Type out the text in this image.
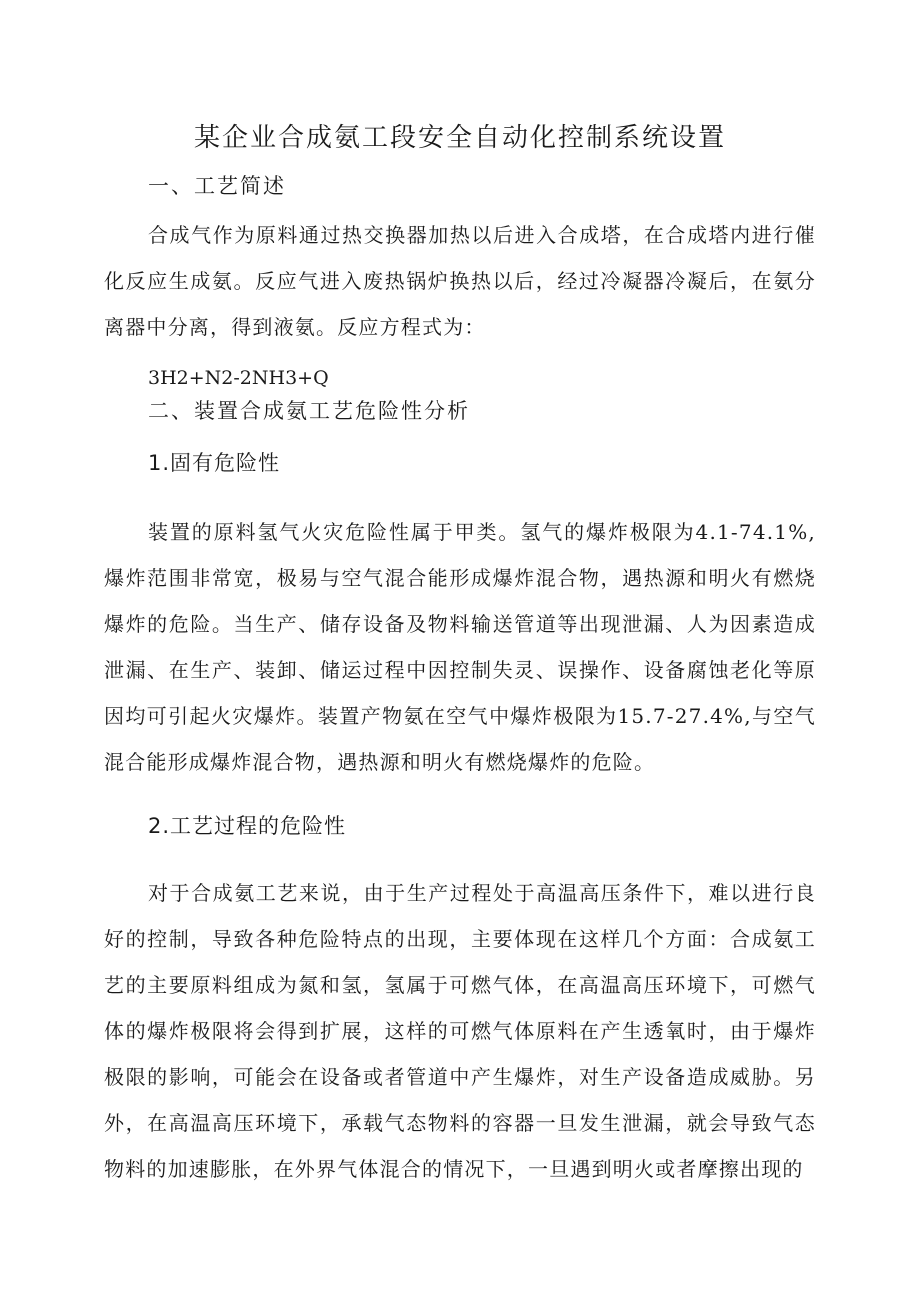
某企业合成氨工段安全自动化控制系统设置
一、工艺简述

合成气作为原料通过热交换器加热以后进入合成塔，在合成塔内进行催化反应生成氨。反应气进入废热锅炉换热以后，经过冷凝器冷凝后，在氨分离器中分离，得到液氨。反应方程式为：

3H2+N2-2NH3+Q
二、装置合成氨工艺危险性分析
1.固有危险性

装置的原料氢气火灾危险性属于甲类。氢气的爆炸极限为4.1-74.1%,爆炸范围非常宽，极易与空气混合能形成爆炸混合物，遇热源和明火有燃烧爆炸的危险。当生产、储存设备及物料输送管道等出现泄漏、人为因素造成泄漏、在生产、装卸、储运过程中因控制失灵、误操作、设备腐蚀老化等原因均可引起火灾爆炸。装置产物氨在空气中爆炸极限为15.7-27.4%,与空气混合能形成爆炸混合物，遇热源和明火有燃烧爆炸的危险。

2.工艺过程的危险性

对于合成氨工艺来说，由于生产过程处于高温高压条件下，难以进行良好的控制，导致各种危险特点的出现，主要体现在这样几个方面：合成氨工艺的主要原料组成为氮和氢，氢属于可燃气体，在高温高压环境下，可燃气体的爆炸极限将会得到扩展，这样的可燃气体原料在产生透氧时，由于爆炸极限的影响，可能会在设备或者管道中产生爆炸，对生产设备造成威胁。另外，在高温高压环境下，承载气态物料的容器一旦发生泄漏，就会导致气态物料的加速膨胀，在外界气体混合的情况下，一旦遇到明火或者摩擦出现的
